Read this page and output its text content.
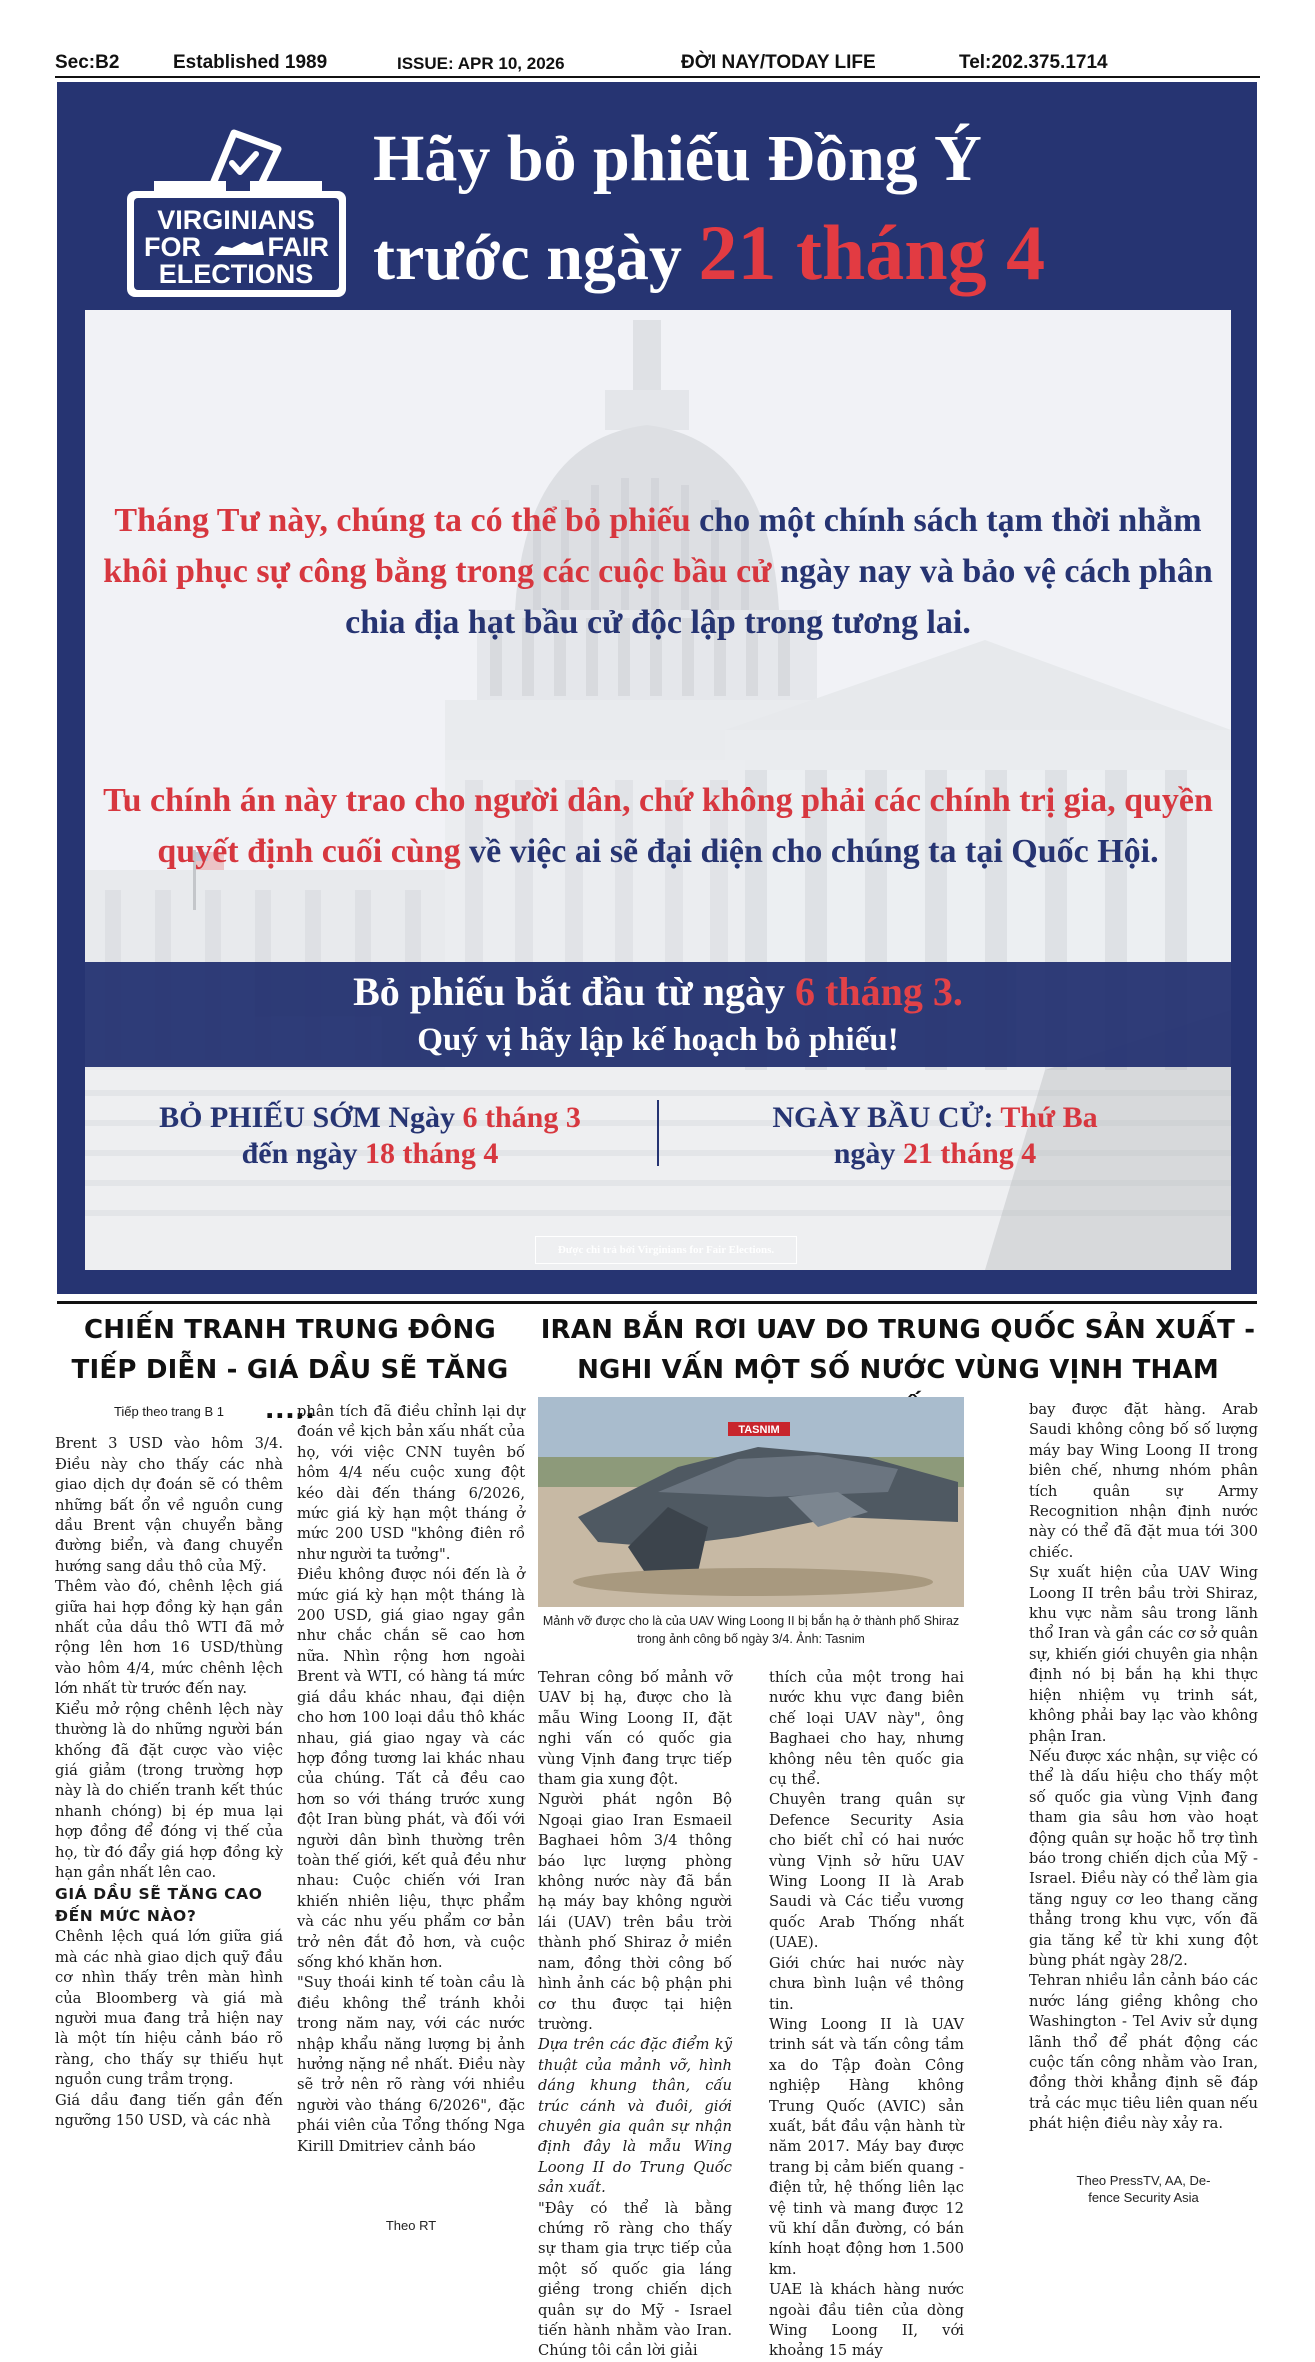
Sec:B2	Established 1989	ISSUE: APR 10, 2026	ĐỜI NAY/TODAY LIFE	Tel:202.375.1714
VIRGINIANS
FOR FAIR
ELECTIONS
Hãy bỏ phiếu Đồng Ý
trước ngày 21 tháng 4
Tháng Tư này, chúng ta có thể bỏ phiếu cho một chính sách tạm thời nhằm khôi phục sự công bằng trong các cuộc bầu cử ngày nay và bảo vệ cách phân chia địa hạt bầu cử độc lập trong tương lai.
Tu chính án này trao cho người dân, chứ không phải các chính trị gia, quyền quyết định cuối cùng về việc ai sẽ đại diện cho chúng ta tại Quốc Hội.
Bỏ phiếu bắt đầu từ ngày 6 tháng 3.
Quý vị hãy lập kế hoạch bỏ phiếu!
BỎ PHIẾU SỚM Ngày 6 tháng 3
đến ngày 18 tháng 4
NGÀY BẦU CỬ: Thứ Ba
ngày 21 tháng 4
Được chi trả bởi Virginians for Fair Elections.
CHIẾN TRANH TRUNG ĐÔNG
TIẾP DIỄN - GIÁ DẦU SẼ TĂNG .....

Tiếp theo trang B 1

Brent 3 USD vào hôm 3/4. Điều này cho thấy các nhà giao dịch dự đoán sẽ có thêm những bất ổn về nguồn cung dầu Brent vận chuyển bằng đường biển, và đang chuyển hướng sang dầu thô của Mỹ.

Thêm vào đó, chênh lệch giá giữa hai hợp đồng kỳ hạn gần nhất của dầu thô WTI đã mở rộng lên hơn 16 USD/thùng vào hôm 4/4, mức chênh lệch lớn nhất từ trước đến nay.

Kiểu mở rộng chênh lệch này thường là do những người bán khống đã đặt cược vào việc giá giảm (trong trường hợp này là do chiến tranh kết thúc nhanh chóng) bị ép mua lại hợp đồng để đóng vị thế của họ, từ đó đẩy giá hợp đồng kỳ hạn gần nhất lên cao.

GIÁ DẦU SẼ TĂNG CAO ĐẾN MỨC NÀO?

Chênh lệch quá lớn giữa giá mà các nhà giao dịch quỹ đầu cơ nhìn thấy trên màn hình của Bloomberg và giá mà người mua đang trả hiện nay là một tín hiệu cảnh báo rõ ràng, cho thấy sự thiếu hụt nguồn cung trầm trọng.

Giá dầu đang tiến gần đến ngưỡng 150 USD, và các nhà

phân tích đã điều chỉnh lại dự đoán về kịch bản xấu nhất của họ, với việc CNN tuyên bố hôm 4/4 nếu cuộc xung đột kéo dài đến tháng 6/2026, mức giá kỳ hạn một tháng ở mức 200 USD "không điên rồ như người ta tưởng".

Điều không được nói đến là ở mức giá kỳ hạn một tháng là 200 USD, giá giao ngay gần như chắc chắn sẽ cao hơn nữa. Nhìn rộng hơn ngoài Brent và WTI, có hàng tá mức giá dầu khác nhau, đại diện cho hơn 100 loại dầu thô khác nhau, giá giao ngay và các hợp đồng tương lai khác nhau của chúng. Tất cả đều cao hơn so với tháng trước xung đột Iran bùng phát, và đối với người dân bình thường trên toàn thế giới, kết quả đều như nhau: Cuộc chiến với Iran khiến nhiên liệu, thực phẩm và các nhu yếu phẩm cơ bản trở nên đắt đỏ hơn, và cuộc sống khó khăn hơn.

"Suy thoái kinh tế toàn cầu là điều không thể tránh khỏi trong năm nay, với các nước nhập khẩu năng lượng bị ảnh hưởng nặng nề nhất. Điều này sẽ trở nên rõ ràng với nhiều người vào tháng 6/2026", đặc phái viên của Tổng thống Nga Kirill Dmitriev cảnh báo

Theo RT
IRAN BẮN RƠI UAV DO TRUNG QUỐC SẢN XUẤT -
NGHI VẤN MỘT SỐ NƯỚC VÙNG VỊNH THAM
TASNIM
Mảnh vỡ được cho là của UAV Wing Loong II bị bắn hạ ở thành phố Shiraz trong ảnh công bố ngày 3/4. Ảnh: Tasnim

Tehran công bố mảnh vỡ UAV bị hạ, được cho là mẫu Wing Loong II, đặt nghi vấn có quốc gia vùng Vịnh đang trực tiếp tham gia xung đột.

Người phát ngôn Bộ Ngoại giao Iran Esmaeil Baghaei hôm 3/4 thông báo lực lượng phòng không nước này đã bắn hạ máy bay không người lái (UAV) trên bầu trời thành phố Shiraz ở miền nam, đồng thời công bố hình ảnh các bộ phận phi cơ thu được tại hiện trường.

Dựa trên các đặc điểm kỹ thuật của mảnh vỡ, hình dáng khung thân, cấu trúc cánh và đuôi, giới chuyên gia quân sự nhận định đây là mẫu Wing Loong II do Trung Quốc sản xuất.

"Đây có thể là bằng chứng rõ ràng cho thấy sự tham gia trực tiếp của một số quốc gia láng giềng trong chiến dịch quân sự do Mỹ - Israel tiến hành nhằm vào Iran. Chúng tôi cần lời giải

thích của một trong hai nước khu vực đang biên chế loại UAV này", ông Baghaei cho hay, nhưng không nêu tên quốc gia cụ thể.

Chuyên trang quân sự Defence Security Asia cho biết chỉ có hai nước vùng Vịnh sở hữu UAV Wing Loong II là Arab Saudi và Các tiểu vương quốc Arab Thống nhất (UAE).

Giới chức hai nước này chưa bình luận về thông tin.

Wing Loong II là UAV trinh sát và tấn công tầm xa do Tập đoàn Công nghiệp Hàng không Trung Quốc (AVIC) sản xuất, bắt đầu vận hành từ năm 2017. Máy bay được trang bị cảm biến quang - điện tử, hệ thống liên lạc vệ tinh và mang được 12 vũ khí dẫn đường, có bán kính hoạt động hơn 1.500 km.

UAE là khách hàng nước ngoài đầu tiên của dòng Wing Loong II, với khoảng 15 máy

bay được đặt hàng. Arab Saudi không công bố số lượng máy bay Wing Loong II trong biên chế, nhưng nhóm phân tích quân sự Army Recognition nhận định nước này có thể đã đặt mua tới 300 chiếc.

Sự xuất hiện của UAV Wing Loong II trên bầu trời Shiraz, khu vực nằm sâu trong lãnh thổ Iran và gần các cơ sở quân sự, khiến giới chuyên gia nhận định nó bị bắn hạ khi thực hiện nhiệm vụ trinh sát, không phải bay lạc vào không phận Iran.

Nếu được xác nhận, sự việc có thể là dấu hiệu cho thấy một số quốc gia vùng Vịnh đang tham gia sâu hơn vào hoạt động quân sự hoặc hỗ trợ tình báo trong chiến dịch của Mỹ - Israel. Điều này có thể làm gia tăng nguy cơ leo thang căng thẳng trong khu vực, vốn đã gia tăng kể từ khi xung đột bùng phát ngày 28/2.

Tehran nhiều lần cảnh báo các nước láng giềng không cho Washington - Tel Aviv sử dụng lãnh thổ để phát động các cuộc tấn công nhằm vào Iran, đồng thời khẳng định sẽ đáp trả các mục tiêu liên quan nếu phát hiện điều này xảy ra.

Theo PressTV, AA, De-
fence Security Asia
